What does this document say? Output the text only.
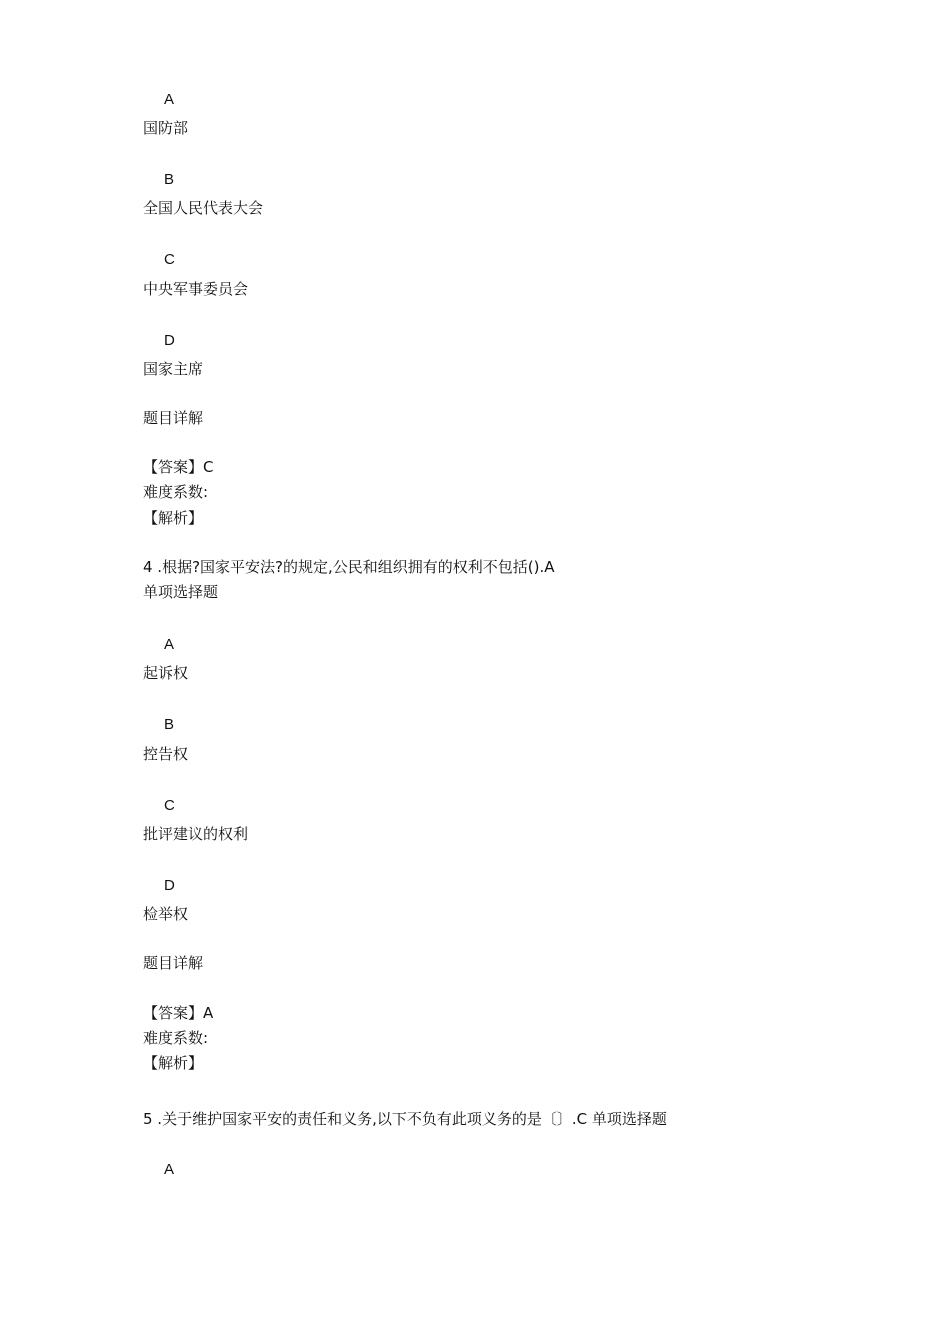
A
国防部
B
全国人民代表大会
C
中央军事委员会
D
国家主席
题目详解
【答案】C
难度系数:
【解析】
4 .根据?国家平安法?的规定,公民和组织拥有的权利不包括().A
单项选择题
A
起诉权
B
控告权
C
批评建议的权利
D
检举权
题目详解
【答案】A
难度系数:
【解析】
5 .关于维护国家平安的责任和义务,以下不负有此项义务的是〔〕.C 单项选择题
A
